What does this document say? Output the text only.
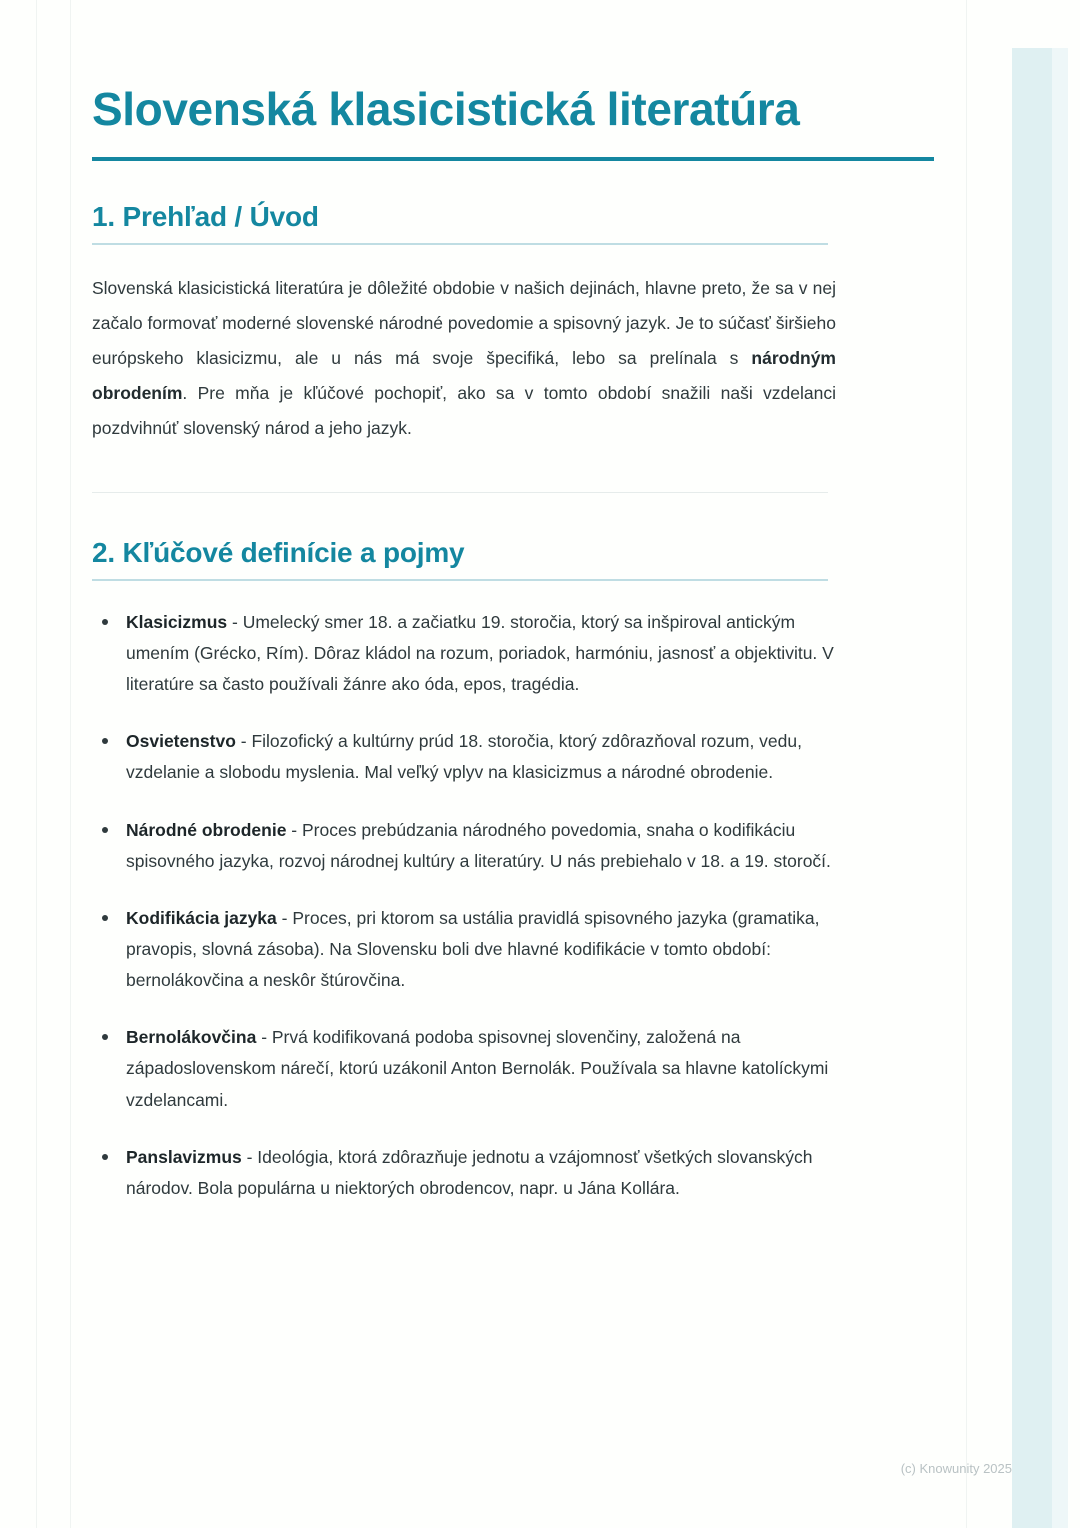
Slovenská klasicistická literatúra
1. Prehľad / Úvod

Slovenská klasicistická literatúra je dôležité obdobie v našich dejinách, hlavne preto, že sa v nej začalo formovať moderné slovenské národné povedomie a spisovný jazyk. Je to súčasť širšieho európskeho klasicizmu, ale u nás má svoje špecifiká, lebo sa prelínala s národným obrodením. Pre mňa je kľúčové pochopiť, ako sa v tomto období snažili naši vzdelanci pozdvihnúť slovenský národ a jeho jazyk.

2. Kľúčové definície a pojmy
Klasicizmus - Umelecký smer 18. a začiatku 19. storočia, ktorý sa inšpiroval antickým umením (Grécko, Rím). Dôraz kládol na rozum, poriadok, harmóniu, jasnosť a objektivitu. V literatúre sa často používali žánre ako óda, epos, tragédia.
Osvietenstvo - Filozofický a kultúrny prúd 18. storočia, ktorý zdôrazňoval rozum, vedu, vzdelanie a slobodu myslenia. Mal veľký vplyv na klasicizmus a národné obrodenie.
Národné obrodenie - Proces prebúdzania národného povedomia, snaha o kodifikáciu spisovného jazyka, rozvoj národnej kultúry a literatúry. U nás prebiehalo v 18. a 19. storočí.
Kodifikácia jazyka - Proces, pri ktorom sa ustália pravidlá spisovného jazyka (gramatika, pravopis, slovná zásoba). Na Slovensku boli dve hlavné kodifikácie v tomto období: bernolákovčina a neskôr štúrovčina.
Bernolákovčina - Prvá kodifikovaná podoba spisovnej slovenčiny, založená na západoslovenskom nárečí, ktorú uzákonil Anton Bernolák. Používala sa hlavne katolíckymi vzdelancami.
Panslavizmus - Ideológia, ktorá zdôrazňuje jednotu a vzájomnosť všetkých slovanských národov. Bola populárna u niektorých obrodencov, napr. u Jána Kollára.
(c) Knowunity 2025
